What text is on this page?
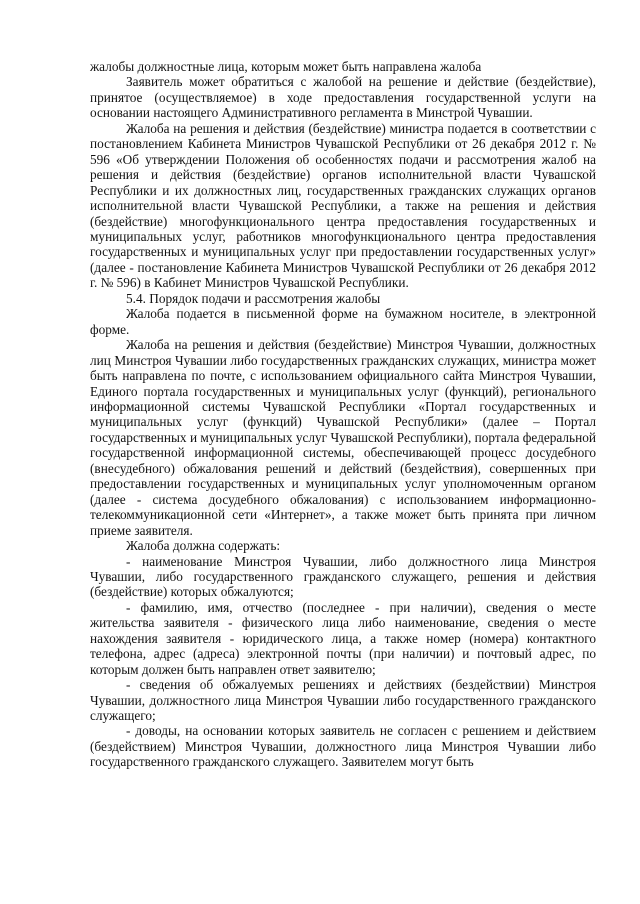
жалобы должностные лица, которым может быть направлена жалоба

Заявитель может обратиться с жалобой на решение и действие (бездействие), принятое (осуществляемое) в ходе предоставления государственной услуги на основании настоящего Административного регламента в Минстрой Чувашии.

Жалоба на решения и действия (бездействие) министра подается в соответствии с постановлением Кабинета Министров Чувашской Республики от 26 декабря 2012 г. № 596 «Об утверждении Положения об особенностях подачи и рассмотрения жалоб на решения и действия (бездействие) органов исполнительной власти Чувашской Республики и их должностных лиц, государственных гражданских служащих органов исполнительной власти Чувашской Республики, а также на решения и действия (бездействие) многофункционального центра предоставления государственных и муниципальных услуг, работников многофункционального центра предоставления государственных и муниципальных услуг при предоставлении государственных услуг» (далее - постановление Кабинета Министров Чувашской Республики от 26 декабря 2012 г. № 596) в Кабинет Министров Чувашской Республики.

5.4. Порядок подачи и рассмотрения жалобы

Жалоба подается в письменной форме на бумажном носителе, в электронной форме.

Жалоба на решения и действия (бездействие) Минстроя Чувашии, должностных лиц Минстроя Чувашии либо государственных гражданских служащих, министра может быть направлена по почте, с использованием официального сайта Минстроя Чувашии, Единого портала государственных и муниципальных услуг (функций), регионального информационной системы Чувашской Республики «Портал государственных и муниципальных услуг (функций) Чувашской Республики» (далее – Портал государственных и муниципальных услуг Чувашской Республики), портала федеральной государственной информационной системы, обеспечивающей процесс досудебного (внесудебного) обжалования решений и действий (бездействия), совершенных при предоставлении государственных и муниципальных услуг уполномоченным органом (далее - система досудебного обжалования) с использованием информационно-телекоммуникационной сети «Интернет», а также может быть принята при личном приеме заявителя.

Жалоба должна содержать:

- наименование Минстроя Чувашии, либо должностного лица Минстроя Чувашии, либо государственного гражданского служащего, решения и действия (бездействие) которых обжалуются;

- фамилию, имя, отчество (последнее - при наличии), сведения о месте жительства заявителя - физического лица либо наименование, сведения о месте нахождения заявителя - юридического лица, а также номер (номера) контактного телефона, адрес (адреса) электронной почты (при наличии) и почтовый адрес, по которым должен быть направлен ответ заявителю;

- сведения об обжалуемых решениях и действиях (бездействии) Минстроя Чувашии, должностного лица Минстроя Чувашии либо государственного гражданского служащего;

- доводы, на основании которых заявитель не согласен с решением и действием (бездействием) Минстроя Чувашии, должностного лица Минстроя Чувашии либо государственного гражданского служащего. Заявителем могут быть
